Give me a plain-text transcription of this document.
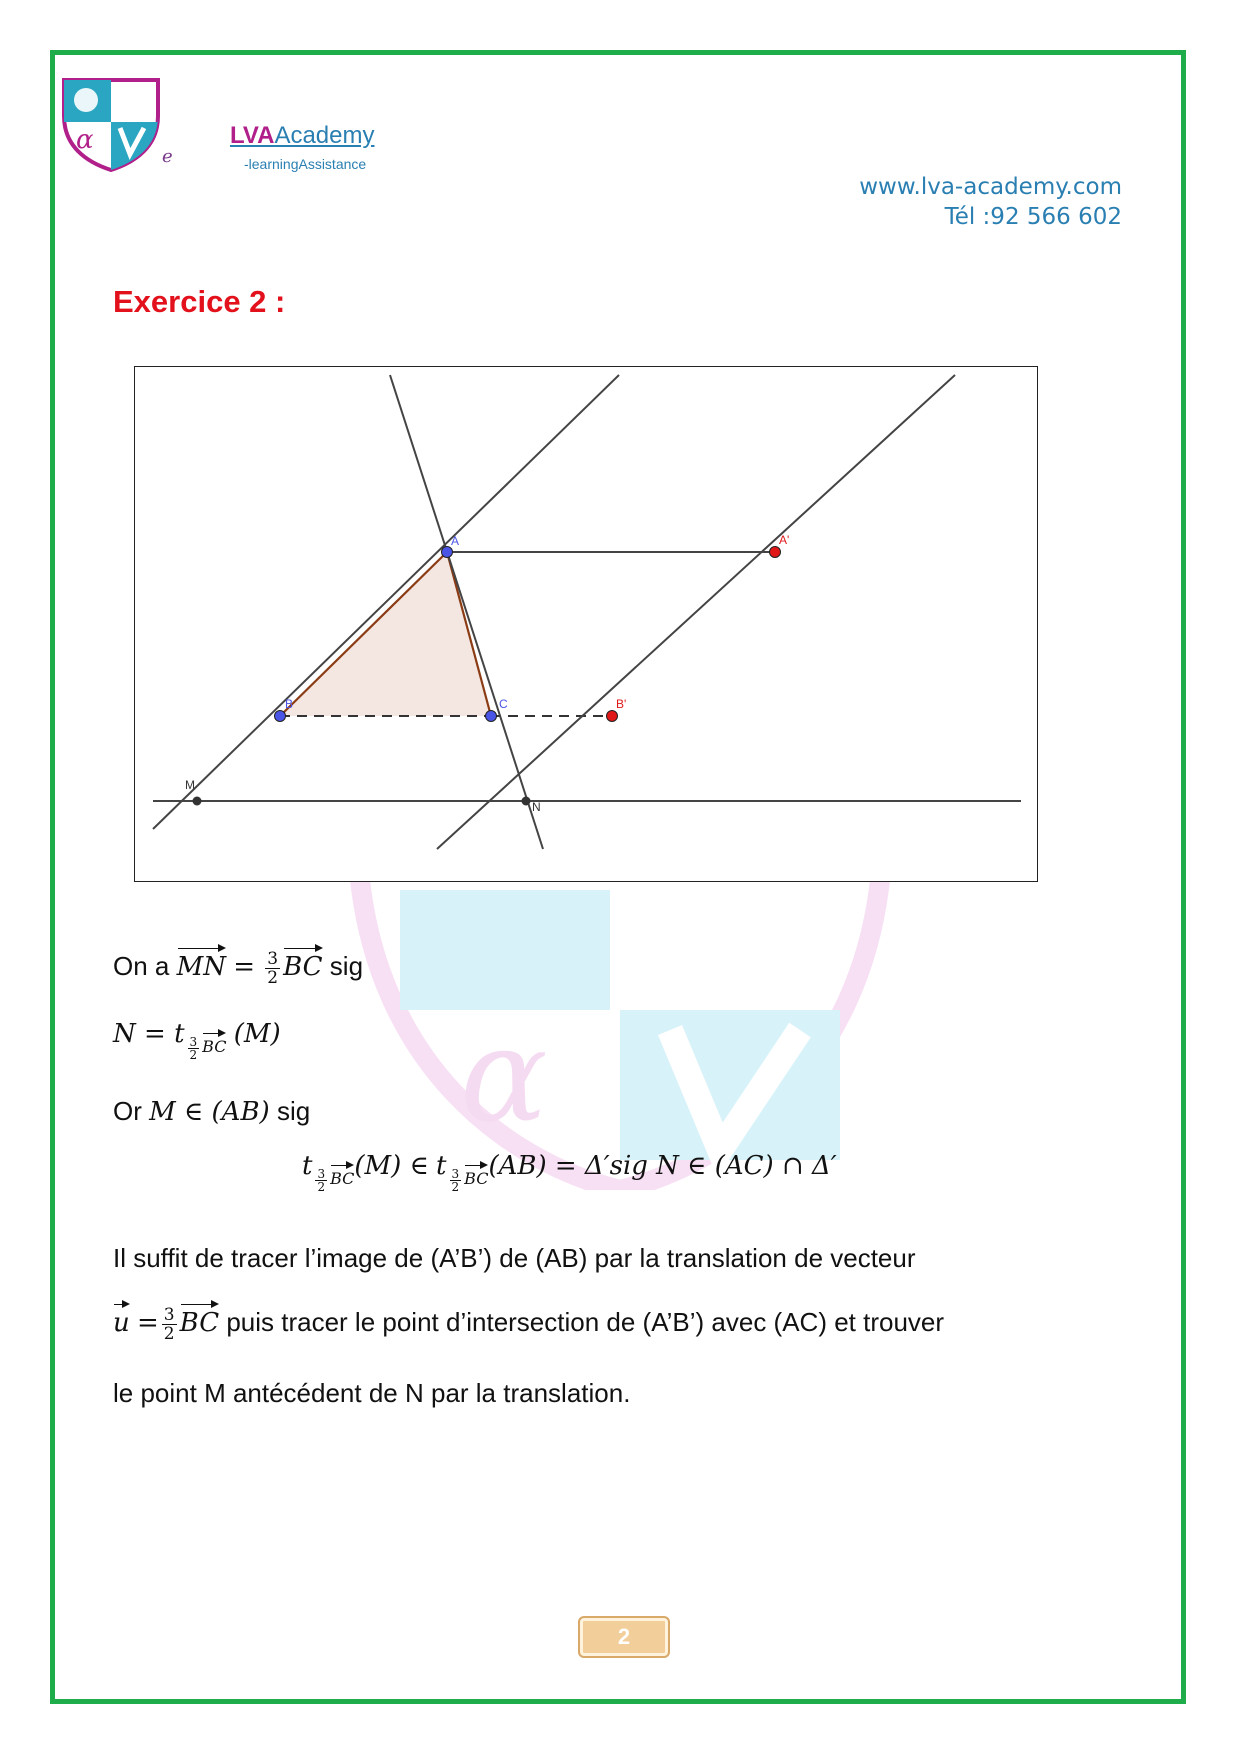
α
e
LVAAcademy
-learningAssistance
www.lva-academy.com
Tél :92 566 602
Exercice 2 :
α
A
B	C
A'
B'
M
N
On a MN = $\frac{3}{2}$ BC sig
N = t $_{\frac{3}{2} BC}$ (M)
Or M ∈ (AB) sig
t $_{\frac{3}{2} BC}$(M) ∈ t $_{\frac{3}{2} BC}$(AB) = Δ′sig N ∈ (AC) ∩ Δ′
Il suffit de tracer l’image de (A’B’) de (AB) par la translation de vecteur
$u = \frac{3}{2}$ BC puis tracer le point d’intersection de (A’B’) avec (AC) et trouver
le point M antécédent de N par la translation.
2
